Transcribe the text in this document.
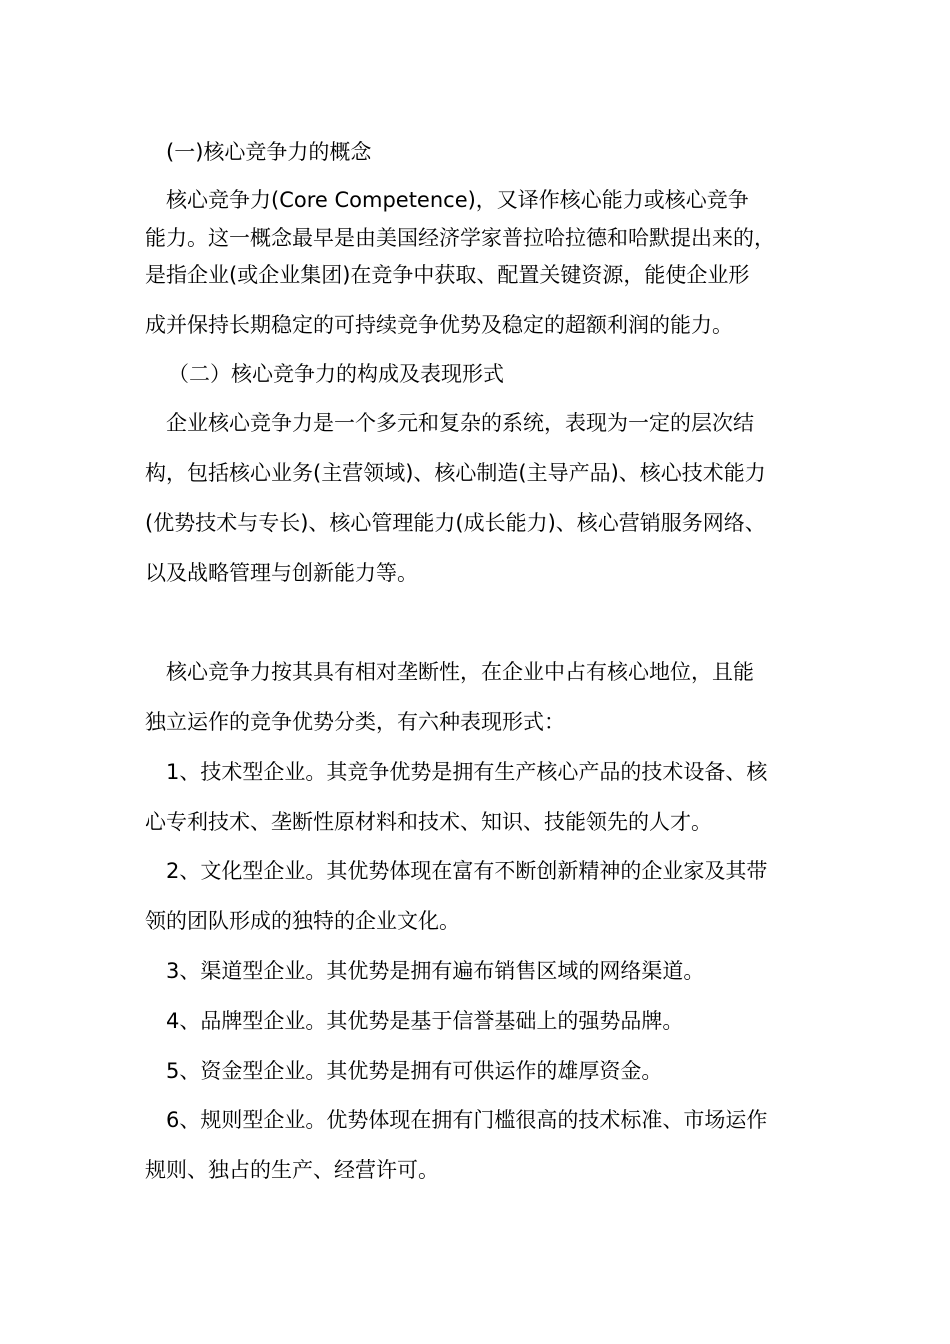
(一)核心竞争力的概念
核心竞争力(Core Competence)，又译作核心能力或核心竞争
能力。这一概念最早是由美国经济学家普拉哈拉德和哈默提出来的，
是指企业(或企业集团)在竞争中获取、配置关键资源，能使企业形
成并保持长期稳定的可持续竞争优势及稳定的超额利润的能力。
（二）核心竞争力的构成及表现形式
企业核心竞争力是一个多元和复杂的系统，表现为一定的层次结
构，包括核心业务(主营领域)、核心制造(主导产品)、核心技术能力
(优势技术与专长)、核心管理能力(成长能力)、核心营销服务网络、
以及战略管理与创新能力等。
核心竞争力按其具有相对垄断性，在企业中占有核心地位，且能
独立运作的竞争优势分类，有六种表现形式：
1、技术型企业。其竞争优势是拥有生产核心产品的技术设备、核
心专利技术、垄断性原材料和技术、知识、技能领先的人才。
2、文化型企业。其优势体现在富有不断创新精神的企业家及其带
领的团队形成的独特的企业文化。
3、渠道型企业。其优势是拥有遍布销售区域的网络渠道。
4、品牌型企业。其优势是基于信誉基础上的强势品牌。
5、资金型企业。其优势是拥有可供运作的雄厚资金。
6、规则型企业。优势体现在拥有门槛很高的技术标准、市场运作
规则、独占的生产、经营许可。
